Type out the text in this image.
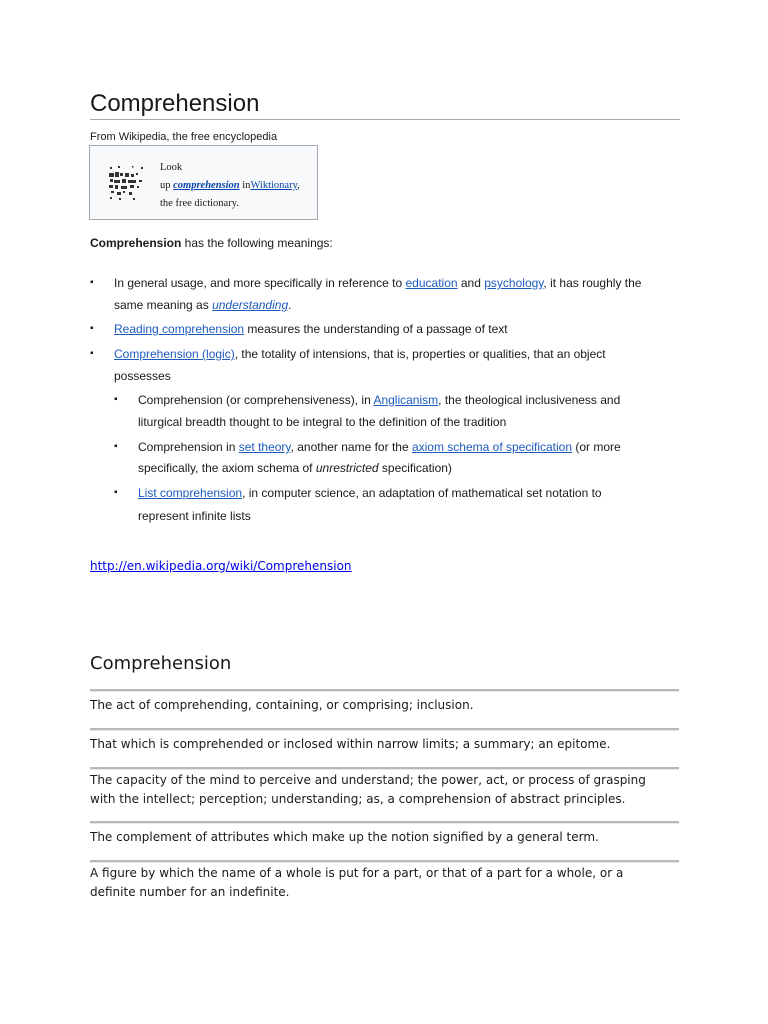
Comprehension
From Wikipedia, the free encyclopedia
Look
up comprehension inWiktionary,
the free dictionary.
Comprehension has the following meanings:
▪ In general usage, and more specifically in reference to education and psychology, it has roughly the
same meaning as understanding.
▪ Reading comprehension measures the understanding of a passage of text
▪ Comprehension (logic), the totality of intensions, that is, properties or qualities, that an object
possesses
▪ Comprehension (or comprehensiveness), in Anglicanism, the theological inclusiveness and
liturgical breadth thought to be integral to the definition of the tradition
▪ Comprehension in set theory, another name for the axiom schema of specification (or more
specifically, the axiom schema of unrestricted specification)
▪ List comprehension, in computer science, an adaptation of mathematical set notation to
represent infinite lists
http://en.wikipedia.org/wiki/Comprehension
Comprehension
The act of comprehending, containing, or comprising; inclusion.
That which is comprehended or inclosed within narrow limits; a summary; an epitome.
The capacity of the mind to perceive and understand; the power, act, or process of grasping
with the intellect; perception; understanding; as, a comprehension of abstract principles.
The complement of attributes which make up the notion signified by a general term.
A figure by which the name of a whole is put for a part, or that of a part for a whole, or a
definite number for an indefinite.
